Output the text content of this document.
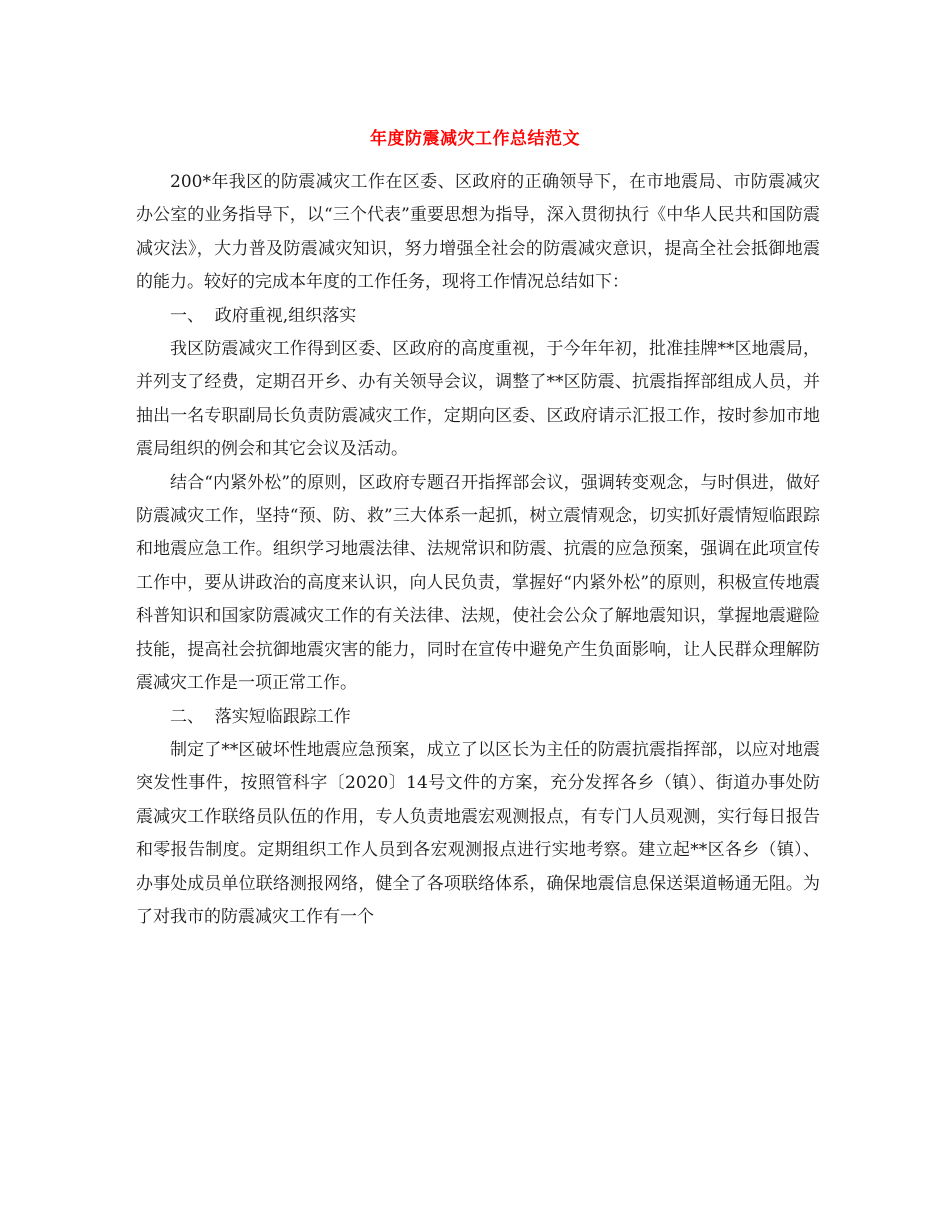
年度防震减灾工作总结范文

200*年我区的防震减灾工作在区委、区政府的正确领导下，在市地震局、市防震减灾办公室的业务指导下，以“三个代表”重要思想为指导，深入贯彻执行《中华人民共和国防震减灾法》，大力普及防震减灾知识，努力增强全社会的防震减灾意识，提高全社会抵御地震的能力。较好的完成本年度的工作任务，现将工作情况总结如下：

一、  政府重视,组织落实

我区防震减灾工作得到区委、区政府的高度重视，于今年年初，批准挂牌**区地震局，并列支了经费，定期召开乡、办有关领导会议，调整了**区防震、抗震指挥部组成人员，并抽出一名专职副局长负责防震减灾工作，定期向区委、区政府请示汇报工作，按时参加市地震局组织的例会和其它会议及活动。

结合“内紧外松”的原则，区政府专题召开指挥部会议，强调转变观念，与时俱进，做好防震减灾工作，坚持“预、防、救”三大体系一起抓，树立震情观念，切实抓好震情短临跟踪和地震应急工作。组织学习地震法律、法规常识和防震、抗震的应急预案，强调在此项宣传工作中，要从讲政治的高度来认识，向人民负责，掌握好“内紧外松”的原则，积极宣传地震科普知识和国家防震减灾工作的有关法律、法规，使社会公众了解地震知识，掌握地震避险技能，提高社会抗御地震灾害的能力，同时在宣传中避免产生负面影响，让人民群众理解防震减灾工作是一项正常工作。

二、  落实短临跟踪工作

制定了**区破坏性地震应急预案，成立了以区长为主任的防震抗震指挥部，以应对地震突发性事件，按照管科字〔2020〕14号文件的方案，充分发挥各乡（镇）、街道办事处防震减灾工作联络员队伍的作用，专人负责地震宏观测报点，有专门人员观测，实行每日报告和零报告制度。定期组织工作人员到各宏观测报点进行实地考察。建立起**区各乡（镇）、办事处成员单位联络测报网络，健全了各项联络体系，确保地震信息保送渠道畅通无阻。为了对我市的防震减灾工作有一个
